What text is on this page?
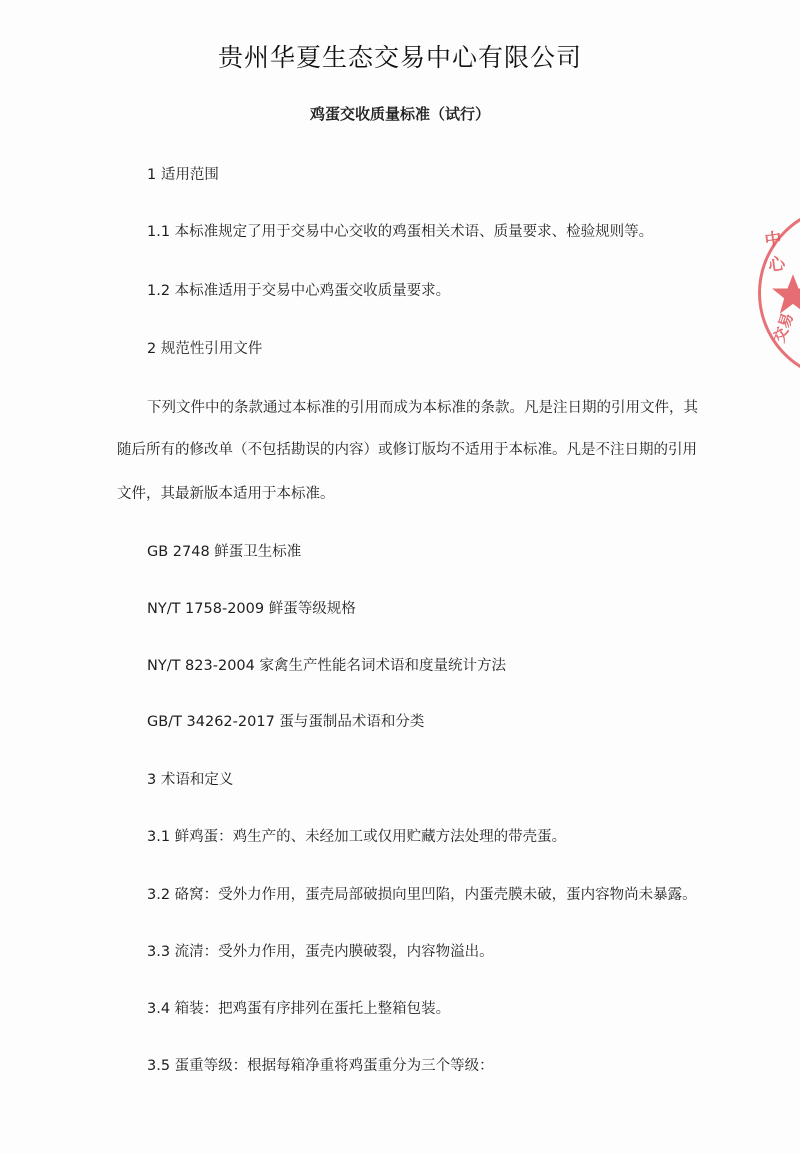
贵州华夏生态交易中心有限公司
鸡蛋交收质量标准（试行）
1 适用范围
1.1 本标准规定了用于交易中心交收的鸡蛋相关术语、质量要求、检验规则等。
1.2 本标准适用于交易中心鸡蛋交收质量要求。
2 规范性引用文件
下列文件中的条款通过本标准的引用而成为本标准的条款。凡是注日期的引用文件，其
随后所有的修改单（不包括勘误的内容）或修订版均不适用于本标准。凡是不注日期的引用
文件，其最新版本适用于本标准。
GB 2748 鲜蛋卫生标准
NY/T 1758-2009 鲜蛋等级规格
NY/T 823-2004 家禽生产性能名词术语和度量统计方法
GB/T 34262-2017 蛋与蛋制品术语和分类
3 术语和定义
3.1 鲜鸡蛋：鸡生产的、未经加工或仅用贮藏方法处理的带壳蛋。
3.2 硌窝：受外力作用，蛋壳局部破损向里凹陷，内蛋壳膜未破，蛋内容物尚未暴露。
3.3 流清：受外力作用，蛋壳内膜破裂，内容物溢出。
3.4 箱装：把鸡蛋有序排列在蛋托上整箱包装。
3.5 蛋重等级：根据每箱净重将鸡蛋重分为三个等级：
中心
交易
